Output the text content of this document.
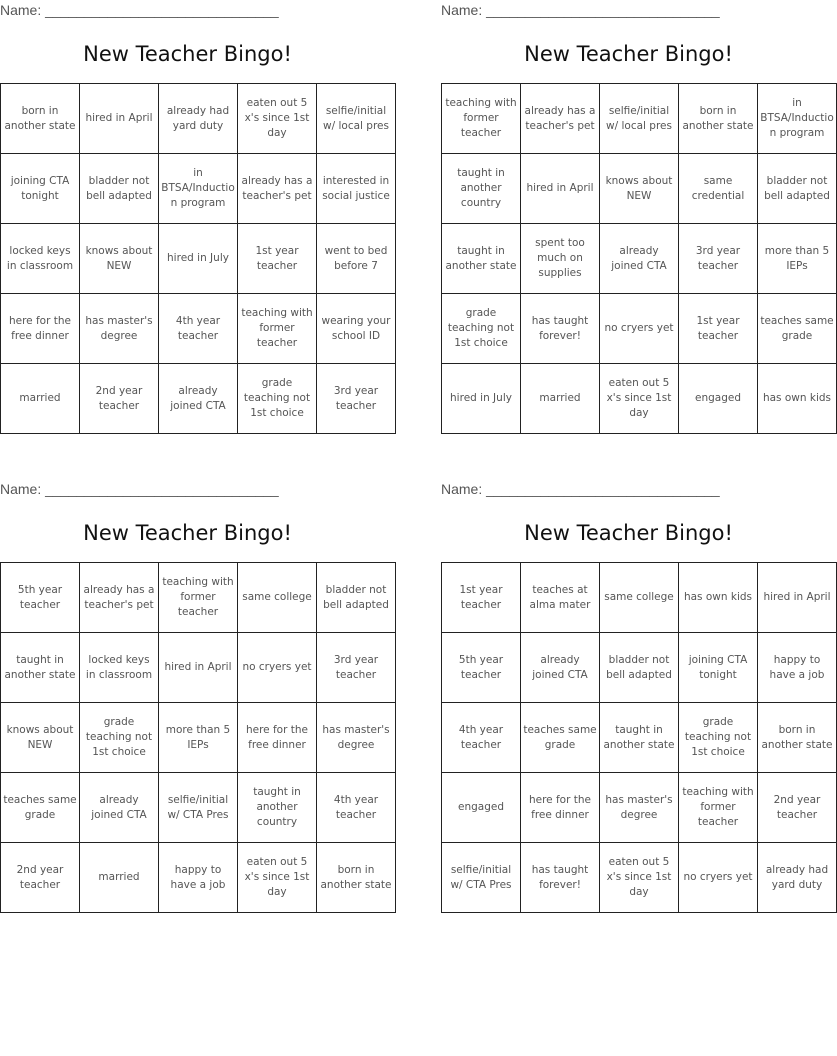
Name: ______________________________
New Teacher Bingo!
born in another state	hired in April	already had yard duty	eaten out 5 x's since 1st day	selfie/initial w/ local pres
joining CTA tonight	bladder not bell adapted	in BTSA/Induction program	already has a teacher's pet	interested in social justice
locked keys in classroom	knows about NEW	hired in July	1st year teacher	went to bed before 7
here for the free dinner	has master's degree	4th year teacher	teaching with former teacher	wearing your school ID
married	2nd year teacher	already joined CTA	grade teaching not 1st choice	3rd year teacher
Name: ______________________________
New Teacher Bingo!
teaching with former teacher	already has a teacher's pet	selfie/initial w/ local pres	born in another state	in BTSA/Induction program
taught in another country	hired in April	knows about NEW	same credential	bladder not bell adapted
taught in another state	spent too much on supplies	already joined CTA	3rd year teacher	more than 5 IEPs
grade teaching not 1st choice	has taught forever!	no cryers yet	1st year teacher	teaches same grade
hired in July	married	eaten out 5 x's since 1st day	engaged	has own kids
Name: ______________________________
New Teacher Bingo!
5th year teacher	already has a teacher's pet	teaching with former teacher	same college	bladder not bell adapted
taught in another state	locked keys in classroom	hired in April	no cryers yet	3rd year teacher
knows about NEW	grade teaching not 1st choice	more than 5 IEPs	here for the free dinner	has master's degree
teaches same grade	already joined CTA	selfie/initial w/ CTA Pres	taught in another country	4th year teacher
2nd year teacher	married	happy to have a job	eaten out 5 x's since 1st day	born in another state
Name: ______________________________
New Teacher Bingo!
1st year teacher	teaches at alma mater	same college	has own kids	hired in April
5th year teacher	already joined CTA	bladder not bell adapted	joining CTA tonight	happy to have a job
4th year teacher	teaches same grade	taught in another state	grade teaching not 1st choice	born in another state
engaged	here for the free dinner	has master's degree	teaching with former teacher	2nd year teacher
selfie/initial w/ CTA Pres	has taught forever!	eaten out 5 x's since 1st day	no cryers yet	already had yard duty
